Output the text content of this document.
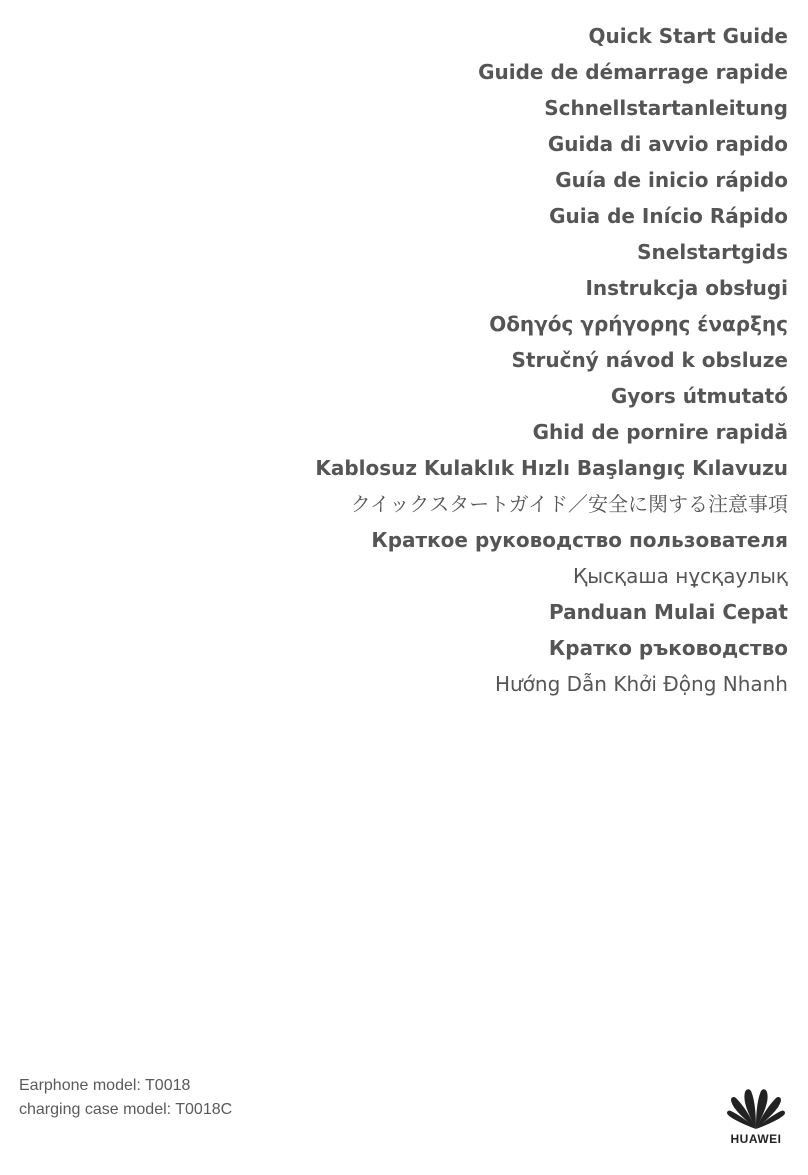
Quick Start Guide
Guide de démarrage rapide
Schnellstartanleitung
Guida di avvio rapido
Guía de inicio rápido
Guia de Início Rápido
Snelstartgids
Instrukcja obsługi
Οδηγός γρήγορης έναρξης
Stručný návod k obsluze
Gyors útmutató
Ghid de pornire rapidă
Kablosuz Kulaklık Hızlı Başlangıç Kılavuzu
クイックスタートガイド／安全に関する注意事項
Краткое руководство пользователя
Қысқаша нұсқаулық
Panduan Mulai Cepat
Кратко ръководство
Hướng Dẫn Khởi Động Nhanh
Earphone model: T0018
charging case model: T0018C
HUAWEI
